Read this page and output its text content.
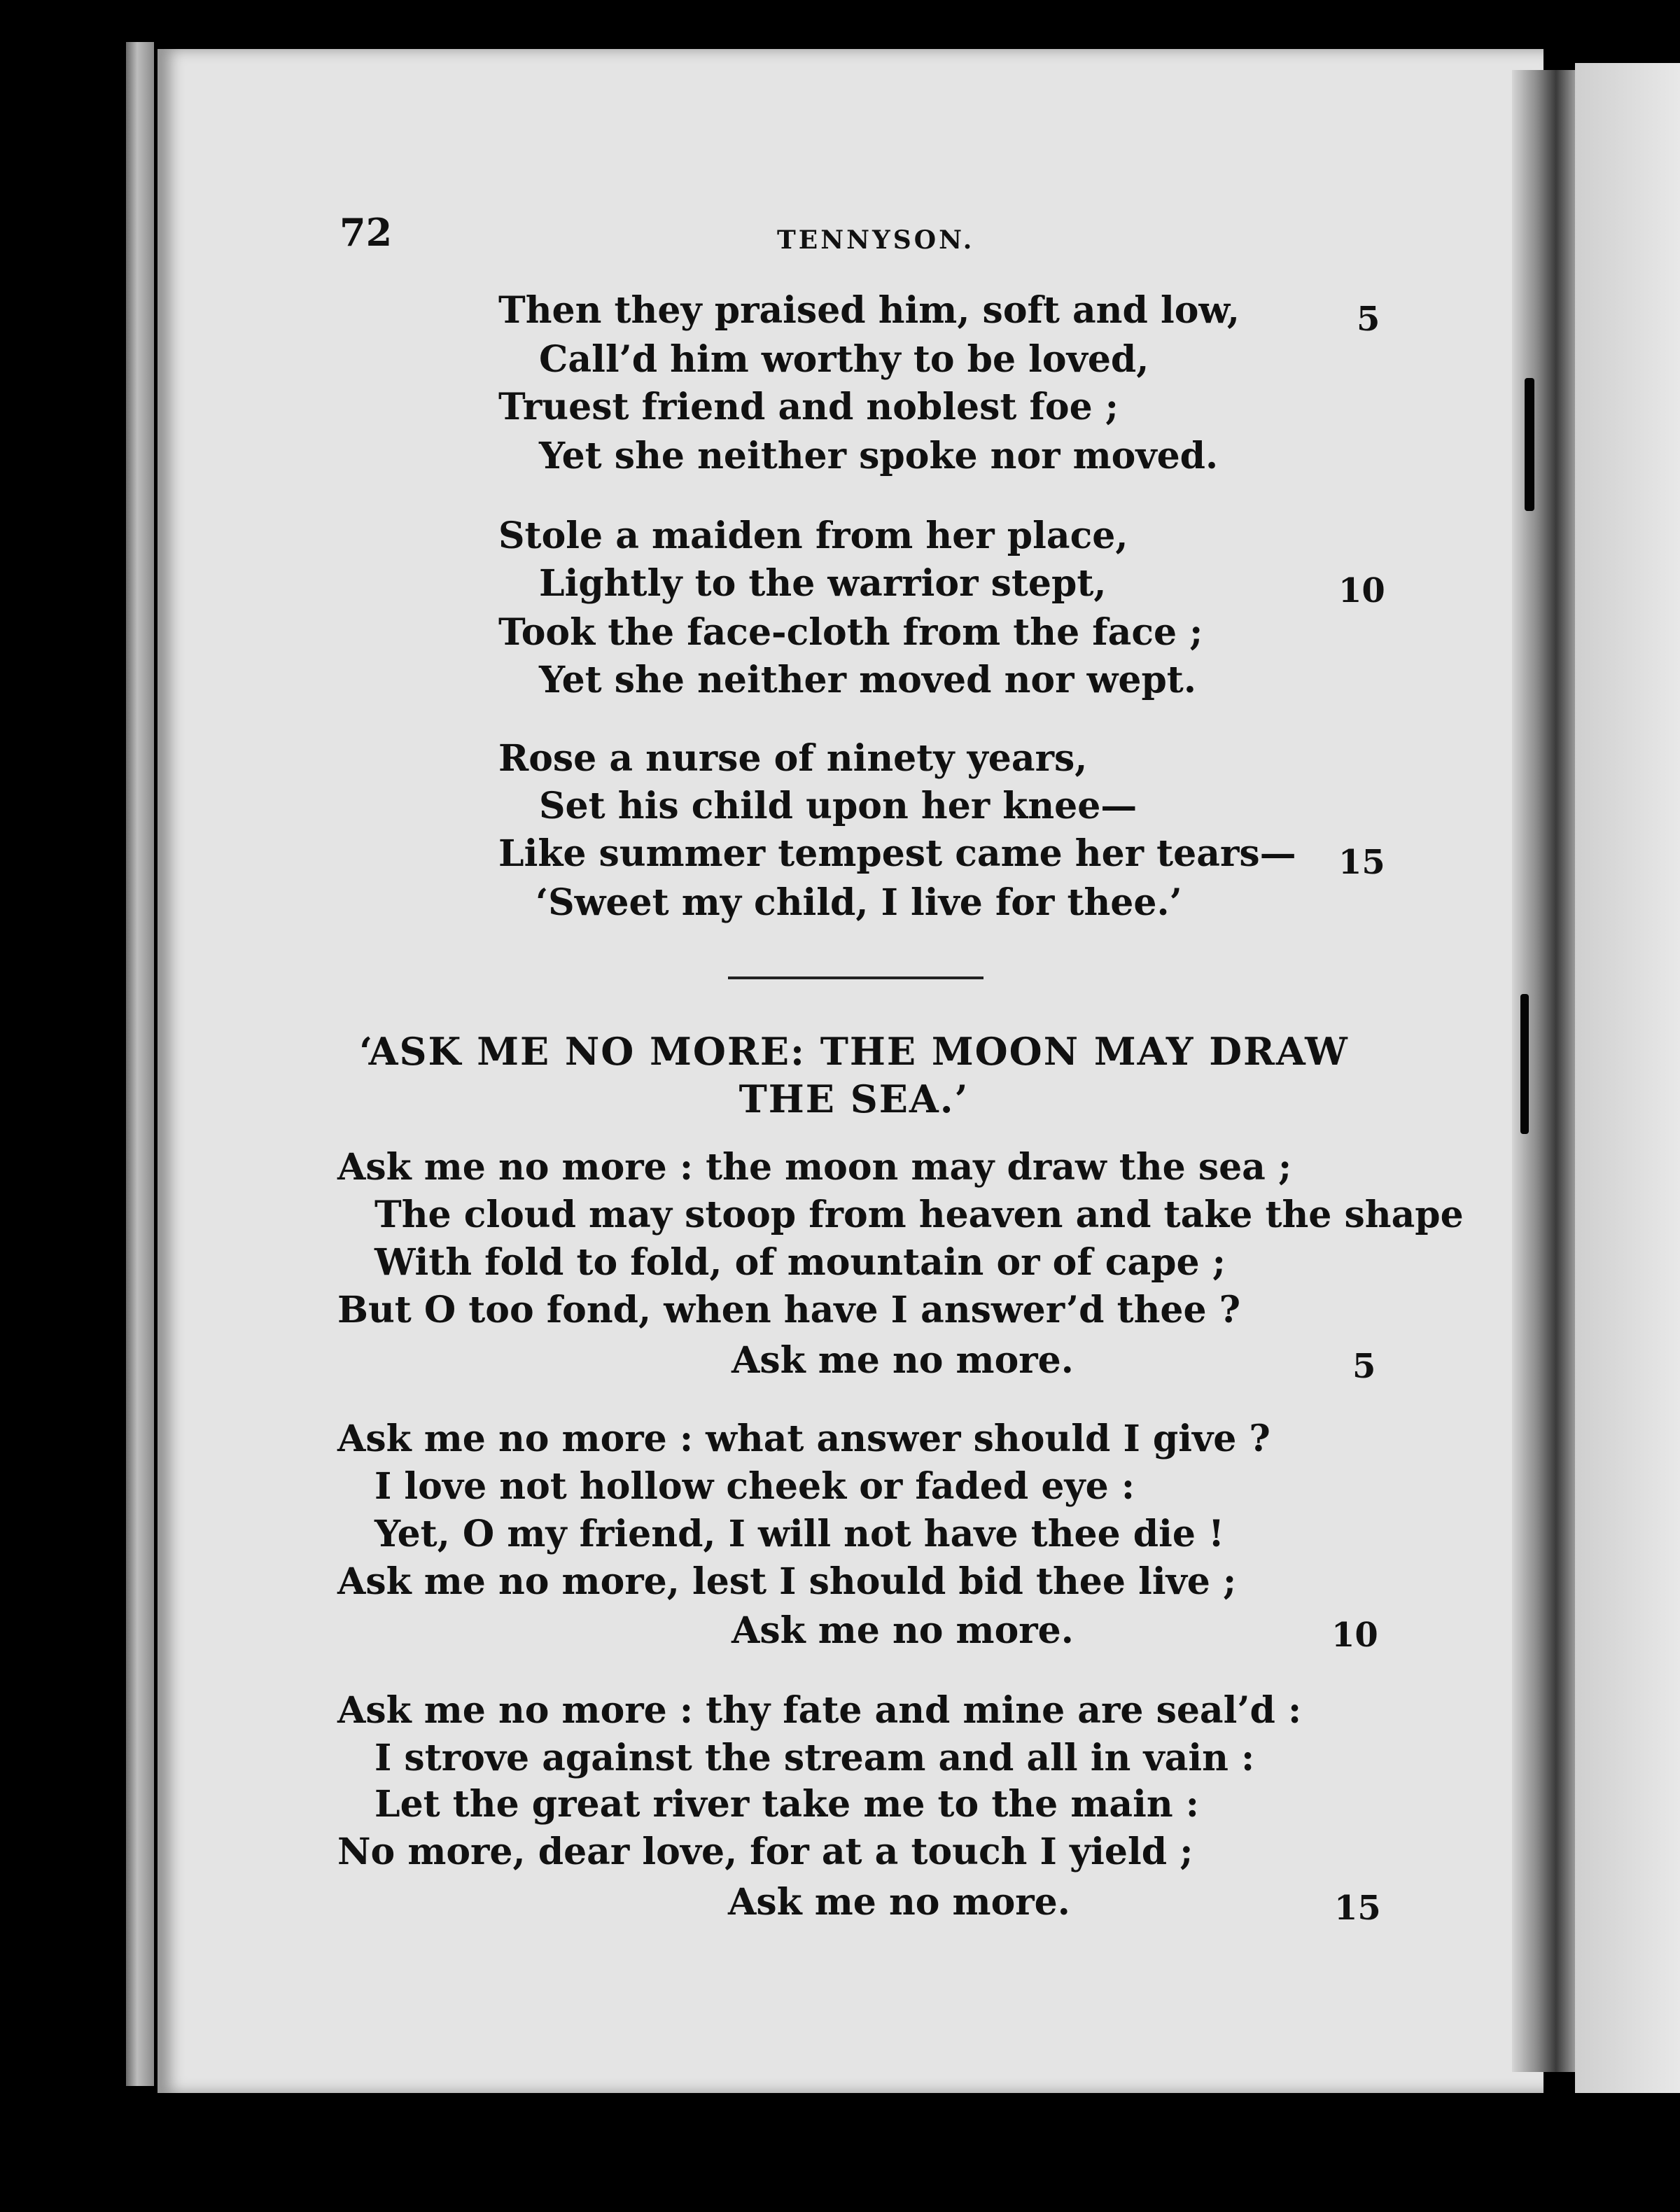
72	TENNYSON.
Then they praised him, soft and low,
Call’d him worthy to be loved,
Truest friend and noblest foe ;
Yet she neither spoke nor moved.
Stole a maiden from her place,
Lightly to the warrior stept,
Took the face-cloth from the face ;
Yet she neither moved nor wept.
Rose a nurse of ninety years,
Set his child upon her knee—
Like summer tempest came her tears—
‘Sweet my child, I live for thee.’
5
10
15
‘ASK ME NO MORE: THE MOON MAY DRAW
THE SEA.’
Ask me no more : the moon may draw the sea ;
The cloud may stoop from heaven and take the shape
With fold to fold, of mountain or of cape ;
But O too fond, when have I answer’d thee ?
Ask me no more.
Ask me no more : what answer should I give ?
I love not hollow cheek or faded eye :
Yet, O my friend, I will not have thee die !
Ask me no more, lest I should bid thee live ;
Ask me no more.
Ask me no more : thy fate and mine are seal’d :
I strove against the stream and all in vain :
Let the great river take me to the main :
No more, dear love, for at a touch I yield ;
Ask me no more.
5
10
15
